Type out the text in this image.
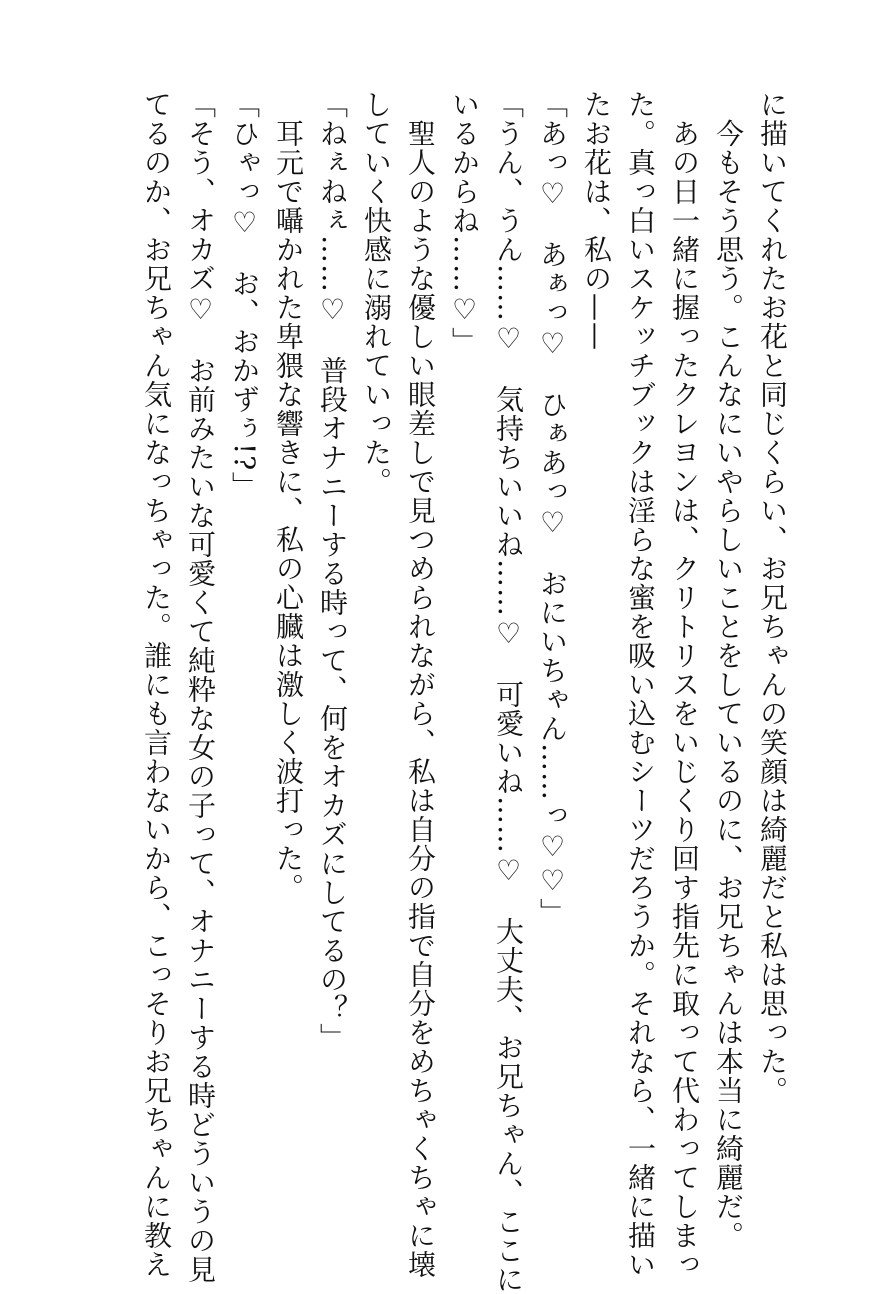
に描いてくれたお花と同じくらい、お兄ちゃんの笑顔は綺麗だと私は思った。
　今もそう思う。こんなにいやらしいことをしているのに、お兄ちゃんは本当に綺麗だ。
　あの日一緒に握ったクレヨンは、クリトリスをいじくり回す指先に取って代わってしまっ
た。真っ白いスケッチブックは淫らな蜜を吸い込むシーツだろうか。それなら、一緒に描い
たお花は、私の——
「あっ♡　あぁっ♡　ひぁあっ♡　おにいちゃん……っ♡♡」
「うん、うん……♡　気持ちいいね……♡　可愛いね……♡　大丈夫、お兄ちゃん、ここに
いるからね……♡」
　聖人のような優しい眼差しで見つめられながら、私は自分の指で自分をめちゃくちゃに壊
していく快感に溺れていった。
「ねぇねぇ……♡　普段オナニーする時って、何をオカズにしてるの？」
　耳元で囁かれた卑猥な響きに、私の心臓は激しく波打った。
「ひゃっ♡　お、おかずぅ!?」
「そう、オカズ♡　お前みたいな可愛くて純粋な女の子って、オナニーする時どういうの見
てるのか、お兄ちゃん気になっちゃった。誰にも言わないから、こっそりお兄ちゃんに教え
